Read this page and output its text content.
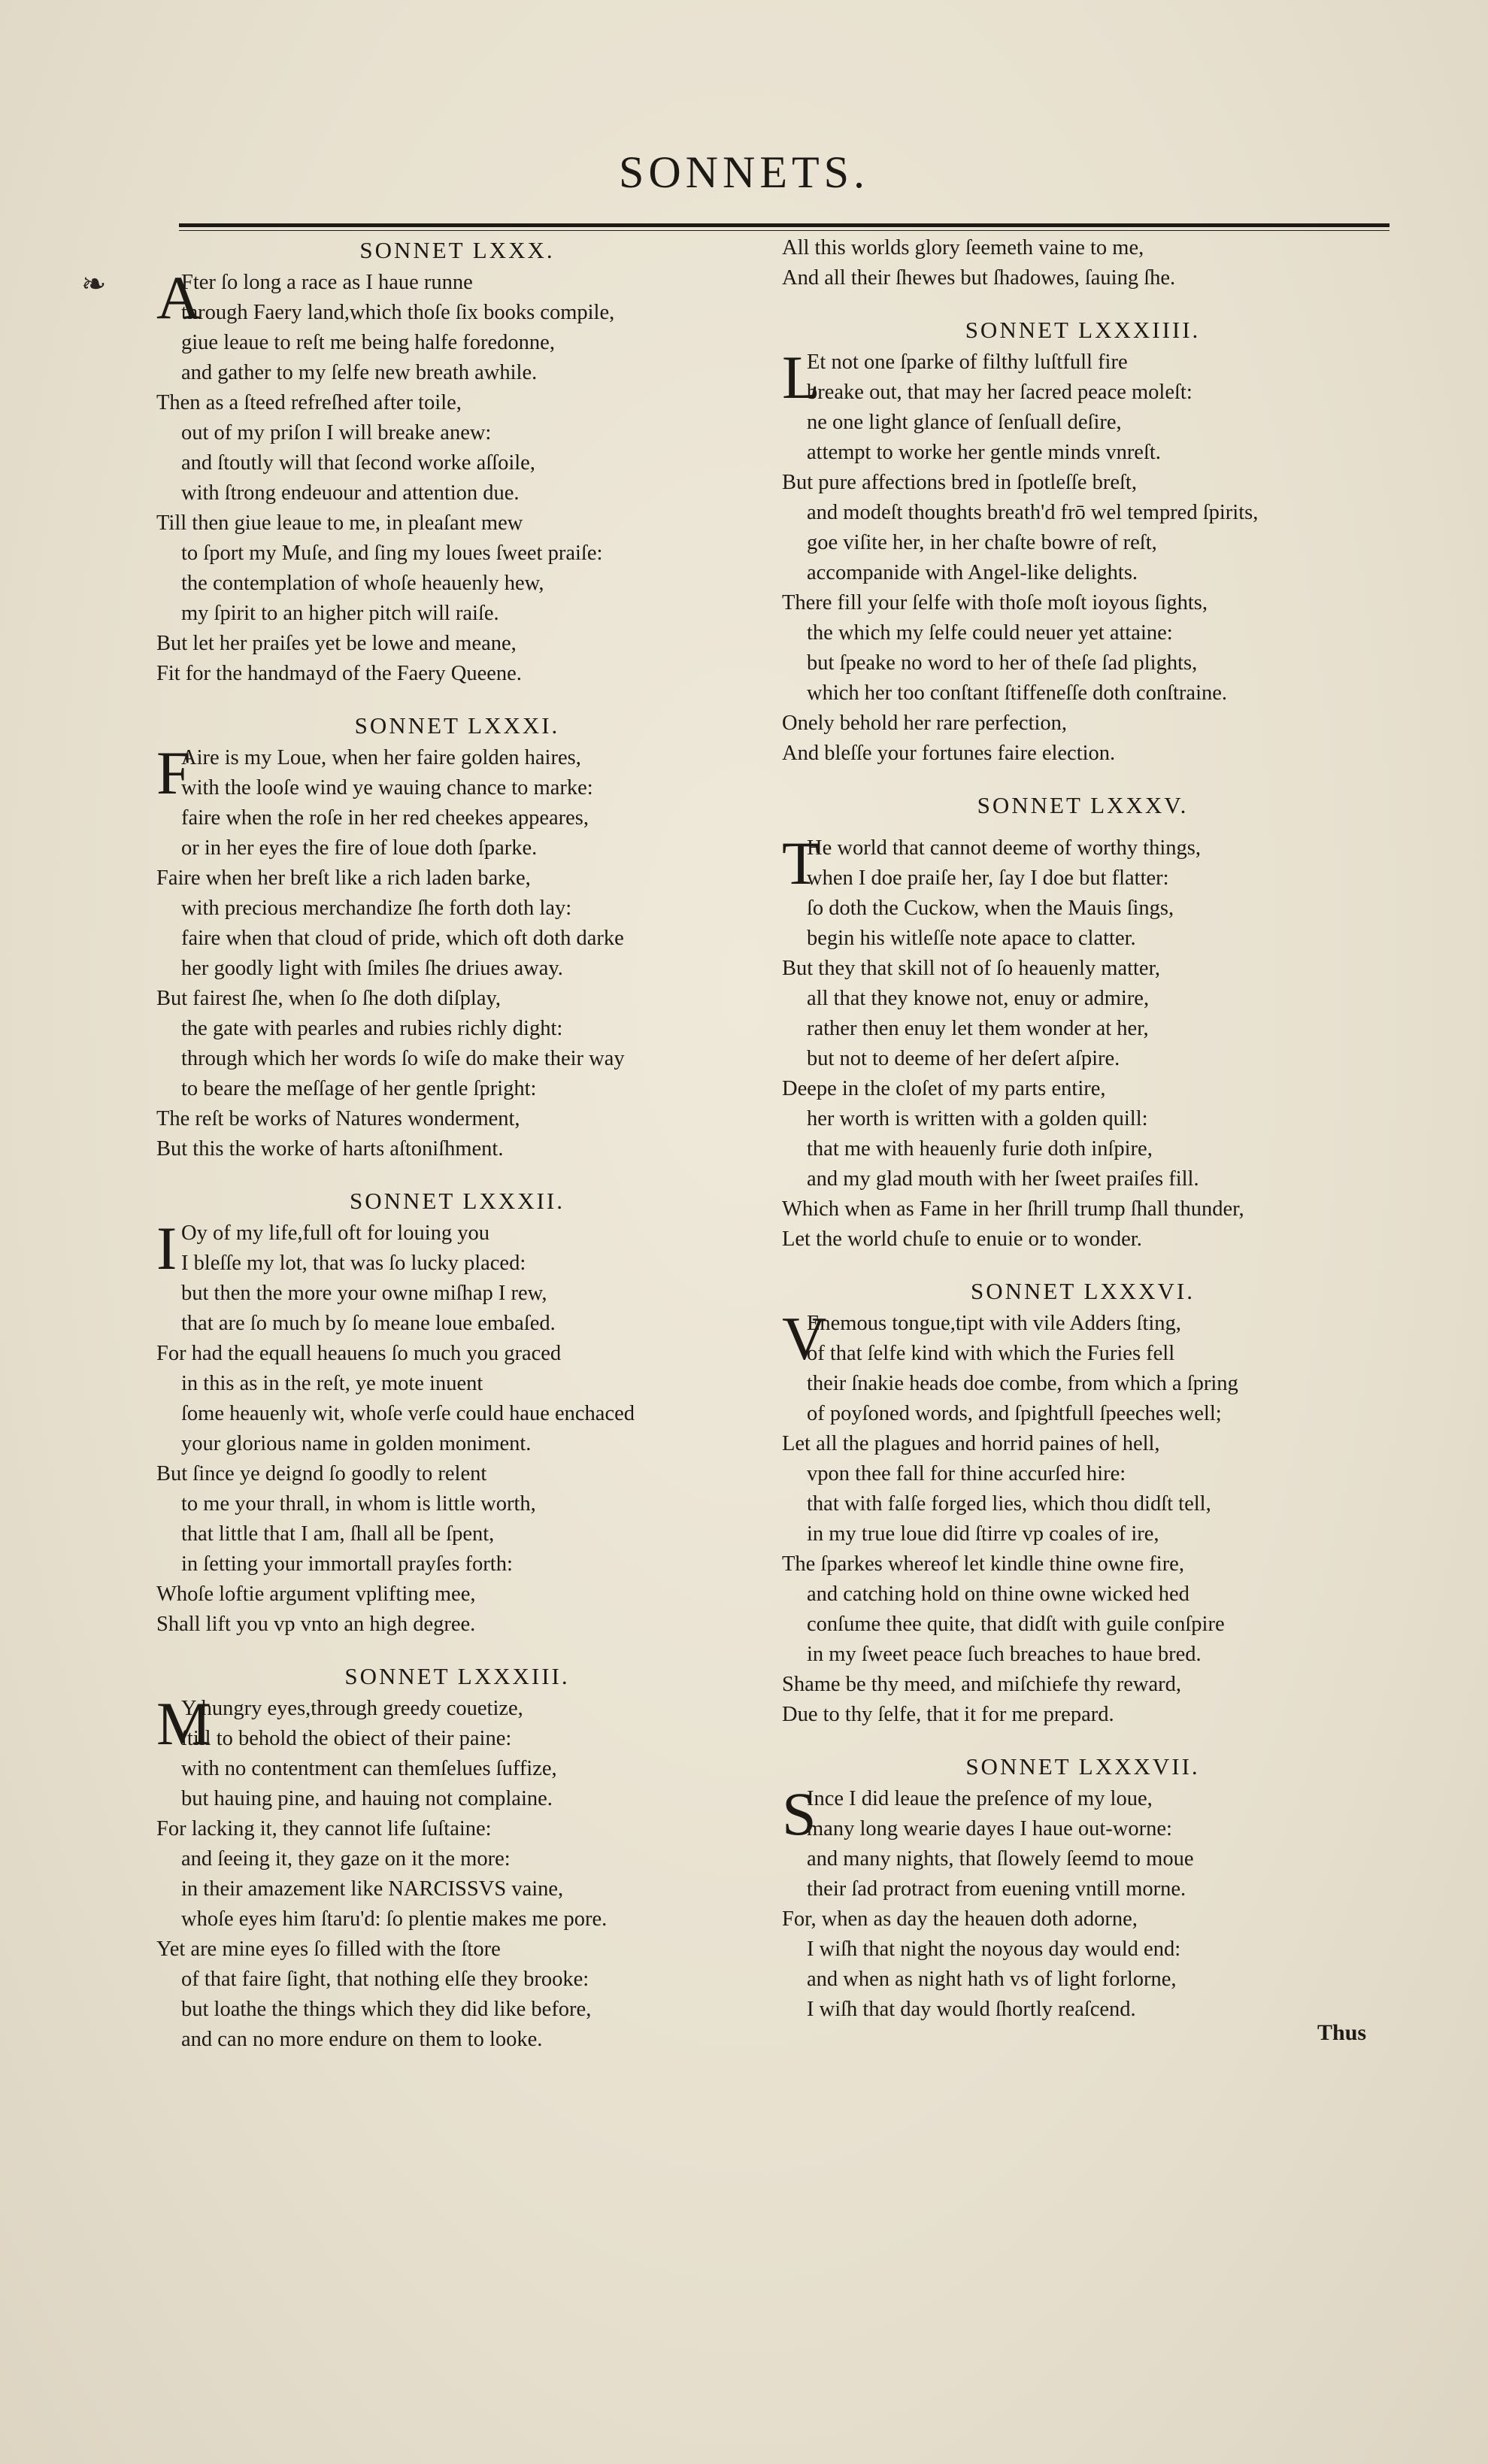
❧
SONNETS.
SONNET LXXX.
A
Fter ſo long a race as I haue runne
through Faery land,which thoſe ſix books compile,
giue leaue to reſt me being halfe foredonne,
and gather to my ſelfe new breath awhile.
Then as a ſteed refreſhed after toile,
out of my priſon I will breake anew:
and ſtoutly will that ſecond worke aſſoile,
with ſtrong endeuour and attention due.
Till then giue leaue to me, in pleaſant mew
to ſport my Muſe, and ſing my loues ſweet praiſe:
the contemplation of whoſe heauenly hew,
my ſpirit to an higher pitch will raiſe.
But let her praiſes yet be lowe and meane,
Fit for the handmayd of the Faery Queene.
SONNET LXXXI.
F
Aire is my Loue, when her faire golden haires,
with the looſe wind ye wauing chance to marke:
faire when the roſe in her red cheekes appeares,
or in her eyes the fire of loue doth ſparke.
Faire when her breſt like a rich laden barke,
with precious merchandize ſhe forth doth lay:
faire when that cloud of pride, which oft doth darke
her goodly light with ſmiles ſhe driues away.
But fairest ſhe, when ſo ſhe doth diſplay,
the gate with pearles and rubies richly dight:
through which her words ſo wiſe do make their way
to beare the meſſage of her gentle ſpright:
The reſt be works of Natures wonderment,
But this the worke of harts aſtoniſhment.
SONNET LXXXII.
I Oy of my life,full oft for louing you
I bleſſe my lot, that was ſo lucky placed:
but then the more your owne miſhap I rew,
that are ſo much by ſo meane loue embaſed.
For had the equall heauens ſo much you graced
in this as in the reſt, ye mote inuent
ſome heauenly wit, whoſe verſe could haue enchaced
your glorious name in golden moniment.
But ſince ye deignd ſo goodly to relent
to me your thrall, in whom is little worth,
that little that I am, ſhall all be ſpent,
in ſetting your immortall prayſes forth:
Whoſe loftie argument vplifting mee,
Shall lift you vp vnto an high degree.
SONNET LXXXIII.
M
Y hungry eyes,through greedy couetize,
ſtill to behold the obiect of their paine:
with no contentment can themſelues ſuffize,
but hauing pine, and hauing not complaine.
For lacking it, they cannot life ſuſtaine:
and ſeeing it, they gaze on it the more:
in their amazement like NARCISSVS vaine,
whoſe eyes him ſtaru'd: ſo plentie makes me pore.
Yet are mine eyes ſo filled with the ſtore
of that faire ſight, that nothing elſe they brooke:
but loathe the things which they did like before,
and can no more endure on them to looke.
All this worlds glory ſeemeth vaine to me,
And all their ſhewes but ſhadowes, ſauing ſhe.
SONNET LXXXIIII.
L
Et not one ſparke of filthy luſtfull fire
breake out, that may her ſacred peace moleſt:
ne one light glance of ſenſuall deſire,
attempt to worke her gentle minds vnreſt.
But pure affections bred in ſpotleſſe breſt,
and modeſt thoughts breath'd frō wel tempred ſpirits,
goe viſite her, in her chaſte bowre of reſt,
accompanide with Angel-like delights.
There fill your ſelfe with thoſe moſt ioyous ſights,
the which my ſelfe could neuer yet attaine:
but ſpeake no word to her of theſe ſad plights,
which her too conſtant ſtiffeneſſe doth conſtraine.
Onely behold her rare perfection,
And bleſſe your fortunes faire election.
SONNET LXXXV.
T
He world that cannot deeme of worthy things,
when I doe praiſe her, ſay I doe but flatter:
ſo doth the Cuckow, when the Mauis ſings,
begin his witleſſe note apace to clatter.
But they that skill not of ſo heauenly matter,
all that they knowe not, enuy or admire,
rather then enuy let them wonder at her,
but not to deeme of her deſert aſpire.
Deepe in the cloſet of my parts entire,
her worth is written with a golden quill:
that me with heauenly furie doth inſpire,
and my glad mouth with her ſweet praiſes fill.
Which when as Fame in her ſhrill trump ſhall thunder,
Let the world chuſe to enuie or to wonder.
SONNET LXXXVI.
V
Enemous tongue,tipt with vile Adders ſting,
of that ſelfe kind with which the Furies fell
their ſnakie heads doe combe, from which a ſpring
of poyſoned words, and ſpightfull ſpeeches well;
Let all the plagues and horrid paines of hell,
vpon thee fall for thine accurſed hire:
that with falſe forged lies, which thou didſt tell,
in my true loue did ſtirre vp coales of ire,
The ſparkes whereof let kindle thine owne fire,
and catching hold on thine owne wicked hed
conſume thee quite, that didſt with guile conſpire
in my ſweet peace ſuch breaches to haue bred.
Shame be thy meed, and miſchiefe thy reward,
Due to thy ſelfe, that it for me prepard.
SONNET LXXXVII.
S
Ince I did leaue the preſence of my loue,
many long wearie dayes I haue out-worne:
and many nights, that ſlowely ſeemd to moue
their ſad protract from euening vntill morne.
For, when as day the heauen doth adorne,
I wiſh that night the noyous day would end:
and when as night hath vs of light forlorne,
I wiſh that day would ſhortly reaſcend.
Thus
